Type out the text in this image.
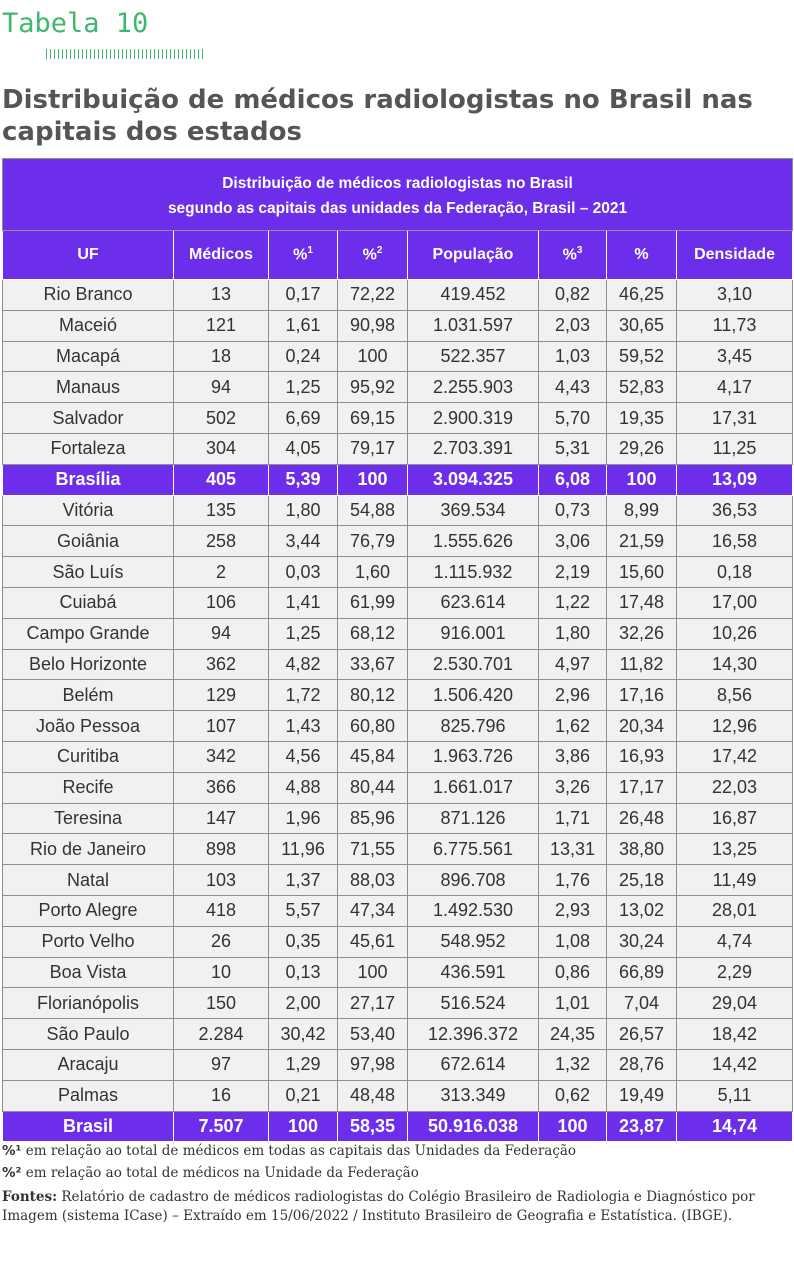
Tabela 10
Distribuição de médicos radiologistas no Brasil nas capitais dos estados
Distribuição de médicos radiologistas no Brasil
segundo as capitais das unidades da Federação, Brasil – 2021							

UF	Médicos	%$^1$	%$^2$	População	%$^3$	%	Densidade
Rio Branco	13	0,17	72,22	419.452	0,82	46,25	3,10
Maceió	121	1,61	90,98	1.031.597	2,03	30,65	11,73
Macapá	18	0,24	100	522.357	1,03	59,52	3,45
Manaus	94	1,25	95,92	2.255.903	4,43	52,83	4,17
Salvador	502	6,69	69,15	2.900.319	5,70	19,35	17,31
Fortaleza	304	4,05	79,17	2.703.391	5,31	29,26	11,25
Brasília	405	5,39	100	3.094.325	6,08	100	13,09
Vitória	135	1,80	54,88	369.534	0,73	8,99	36,53
Goiânia	258	3,44	76,79	1.555.626	3,06	21,59	16,58
São Luís	2	0,03	1,60	1.115.932	2,19	15,60	0,18
Cuiabá	106	1,41	61,99	623.614	1,22	17,48	17,00
Campo Grande	94	1,25	68,12	916.001	1,80	32,26	10,26
Belo Horizonte	362	4,82	33,67	2.530.701	4,97	11,82	14,30
Belém	129	1,72	80,12	1.506.420	2,96	17,16	8,56
João Pessoa	107	1,43	60,80	825.796	1,62	20,34	12,96
Curitiba	342	4,56	45,84	1.963.726	3,86	16,93	17,42
Recife	366	4,88	80,44	1.661.017	3,26	17,17	22,03
Teresina	147	1,96	85,96	871.126	1,71	26,48	16,87
Rio de Janeiro	898	11,96	71,55	6.775.561	13,31	38,80	13,25
Natal	103	1,37	88,03	896.708	1,76	25,18	11,49
Porto Alegre	418	5,57	47,34	1.492.530	2,93	13,02	28,01
Porto Velho	26	0,35	45,61	548.952	1,08	30,24	4,74
Boa Vista	10	0,13	100	436.591	0,86	66,89	2,29
Florianópolis	150	2,00	27,17	516.524	1,01	7,04	29,04
São Paulo	2.284	30,42	53,40	12.396.372	24,35	26,57	18,42
Aracaju	97	1,29	97,98	672.614	1,32	28,76	14,42
Palmas	16	0,21	48,48	313.349	0,62	19,49	5,11
Brasil	7.507	100	58,35	50.916.038	100	23,87	14,74
%¹ em relação ao total de médicos em todas as capitais das Unidades da Federação
%² em relação ao total de médicos na Unidade da Federação
Fontes: Relatório de cadastro de médicos radiologistas do Colégio Brasileiro de Radiologia e Diagnóstico por Imagem (sistema ICase) – Extraído em 15/06/2022 / Instituto Brasileiro de Geografia e Estatística. (IBGE).
